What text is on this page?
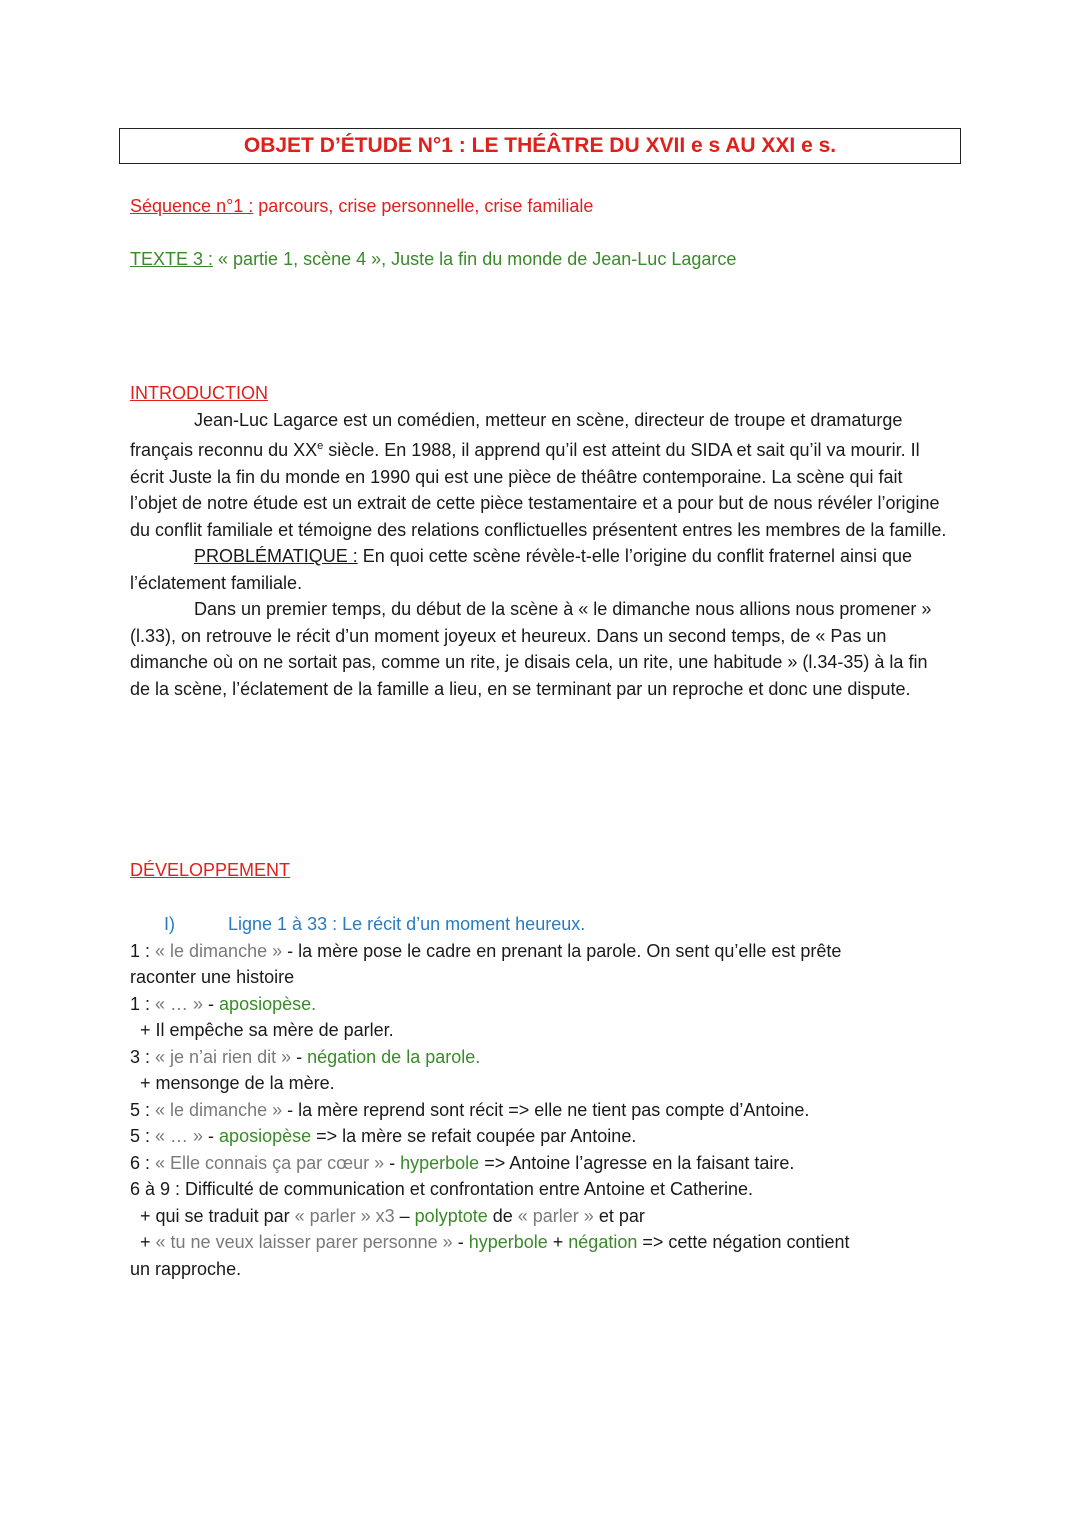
OBJET D’ÉTUDE N°1 : LE THÉÂTRE DU XVII e s AU XXI e s.
Séquence n°1 : parcours, crise personnelle, crise familiale
TEXTE 3 : « partie 1, scène 4 », Juste la fin du monde de Jean-Luc Lagarce

INTRODUCTION

Jean-Luc Lagarce est un comédien, metteur en scène, directeur de troupe et dramaturge français reconnu du XXe siècle. En 1988, il apprend qu’il est atteint du SIDA et sait qu’il va mourir. Il écrit Juste la fin du monde en 1990 qui est une pièce de théâtre contemporaine. La scène qui fait l’objet de notre étude est un extrait de cette pièce testamentaire et a pour but de nous révéler l’origine du conflit familiale et témoigne des relations conflictuelles présentent entres les membres de la famille.

PROBLÉMATIQUE : En quoi cette scène révèle-t-elle l’origine du conflit fraternel ainsi que l’éclatement familiale.

Dans un premier temps, du début de la scène à « le dimanche nous allions nous promener » (l.33), on retrouve le récit d’un moment joyeux et heureux. Dans un second temps, de « Pas un dimanche où on ne sortait pas, comme un rite, je disais cela, un rite, une habitude » (l.34-35) à la fin de la scène, l’éclatement de la famille a lieu, en se terminant par un reproche et donc une dispute.

DÉVELOPPEMENT
I)	Ligne 1 à 33 : Le récit d’un moment heureux.
1 : « le dimanche » - la mère pose le cadre en prenant la parole. On sent qu’elle est prête
raconter une histoire
1 : « … » - aposiopèse.
+ Il empêche sa mère de parler.
3 : « je n’ai rien dit » - négation de la parole.
+ mensonge de la mère.
5 : « le dimanche » - la mère reprend sont récit => elle ne tient pas compte d’Antoine.
5 : « … » - aposiopèse => la mère se refait coupée par Antoine.
6 : « Elle connais ça par cœur » - hyperbole => Antoine l’agresse en la faisant taire.
6 à 9 : Difficulté de communication et confrontation entre Antoine et Catherine.
+ qui se traduit par « parler » x3 – polyptote de « parler » et par
+ « tu ne veux laisser parer personne » - hyperbole + négation => cette négation contient
un rapproche.
